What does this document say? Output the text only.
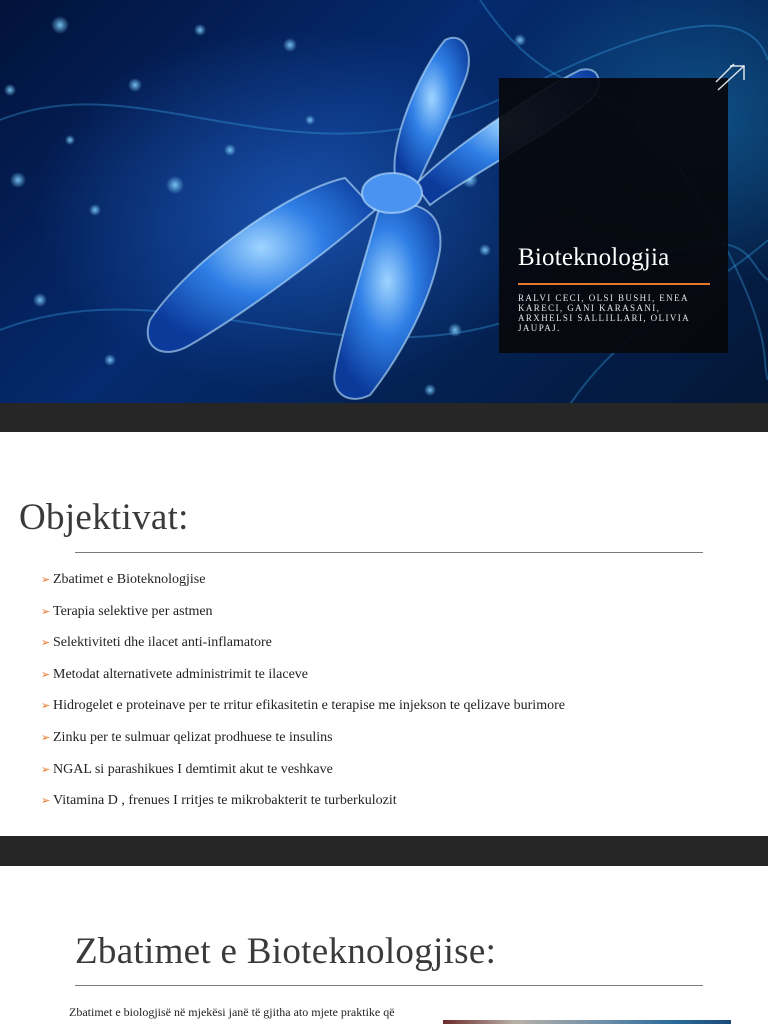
Bioteknologjia
RALVI CECI, OLSI BUSHI, ENEA KARECI, GANI KARASANI, ARXHELSI SALLILLARI, OLIVIA JAUPAJ.
Objektivat:
➢ Zbatimet e Bioteknologjise
➢ Terapia selektive per astmen
➢ Selektiviteti dhe ilacet anti-inflamatore
➢ Metodat alternativete administrimit te ilaceve
➢ Hidrogelet e proteinave per te rritur efikasitetin e terapise me injekson te qelizave burimore
➢ Zinku per te sulmuar qelizat prodhuese te insulins
➢ NGAL si parashikues I demtimit akut te veshkave
➢ Vitamina D , frenues I rritjes te mikrobakterit te turberkulozit
Zbatimet e Bioteknologjise:
Zbatimet e biologjisë në mjekësi janë të gjitha ato mjete praktike që
